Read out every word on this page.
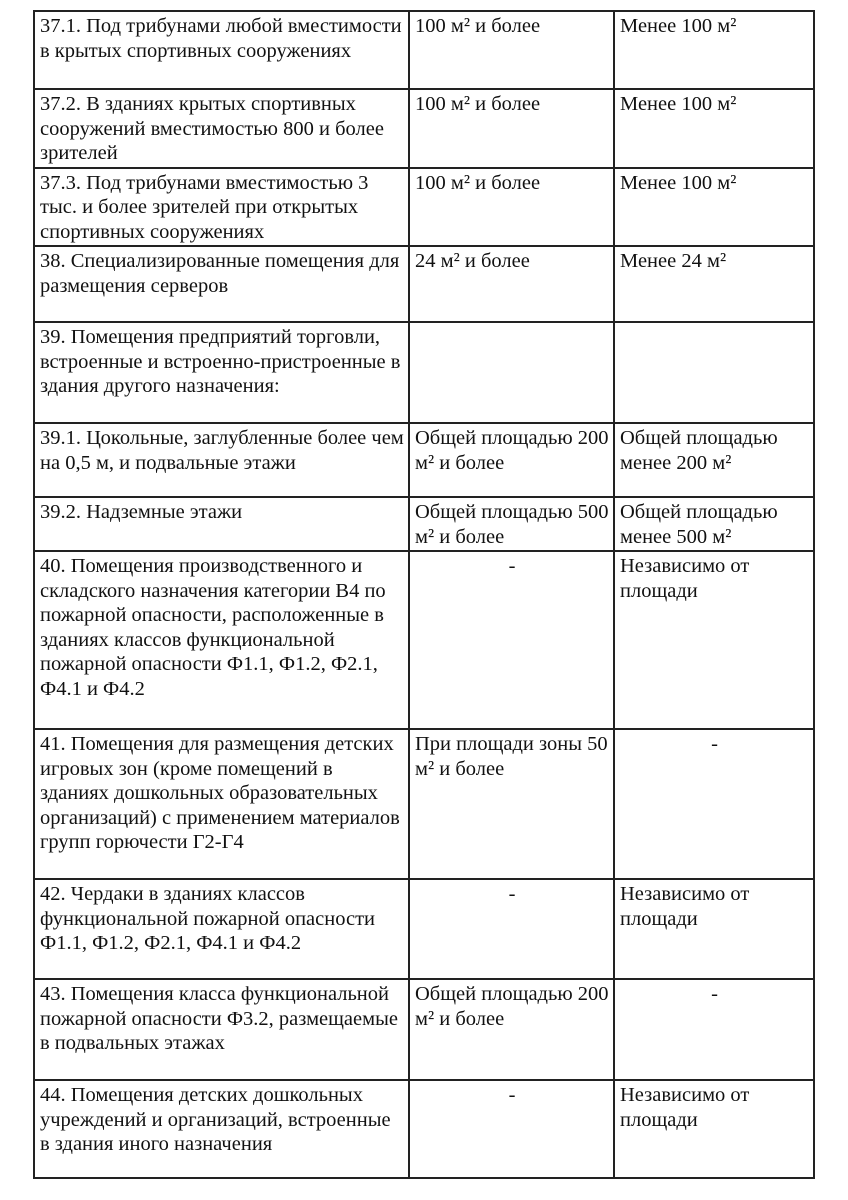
37.1. Под трибунами любой вместимости в крытых спортивных сооружениях	100 м² и более	Менее 100 м²
37.2. В зданиях крытых спортивных сооружений вместимостью 800 и более зрителей	100 м² и более	Менее 100 м²
37.3. Под трибунами вместимостью 3 тыс. и более зрителей при открытых спортивных сооружениях	100 м² и более	Менее 100 м²
38. Специализированные помещения для размещения серверов	24 м² и более	Менее 24 м²
39. Помещения предприятий торговли, встроенные и встроенно-пристроенные в здания другого назначения:		
39.1. Цокольные, заглубленные более чем на 0,5 м, и подвальные этажи	Общей площадью 200 м² и более	Общей площадью менее 200 м²
39.2. Надземные этажи	Общей площадью 500 м² и более	Общей площадью менее 500 м²
40. Помещения производственного и складского назначения категории В4 по пожарной опасности, расположенные в зданиях классов функциональной пожарной опасности Ф1.1, Ф1.2, Ф2.1, Ф4.1 и Ф4.2	-	Независимо от площади
41. Помещения для размещения детских игровых зон (кроме помещений в зданиях дошкольных образовательных организаций) с применением материалов групп горючести Г2-Г4	При площади зоны 50 м² и более	-
42. Чердаки в зданиях классов функциональной пожарной опасности Ф1.1, Ф1.2, Ф2.1, Ф4.1 и Ф4.2	-	Независимо от площади
43. Помещения класса функциональной пожарной опасности Ф3.2, размещаемые в подвальных этажах	Общей площадью 200 м² и более	-
44. Помещения детских дошкольных учреждений и организаций, встроенные в здания иного назначения	-	Независимо от площади
